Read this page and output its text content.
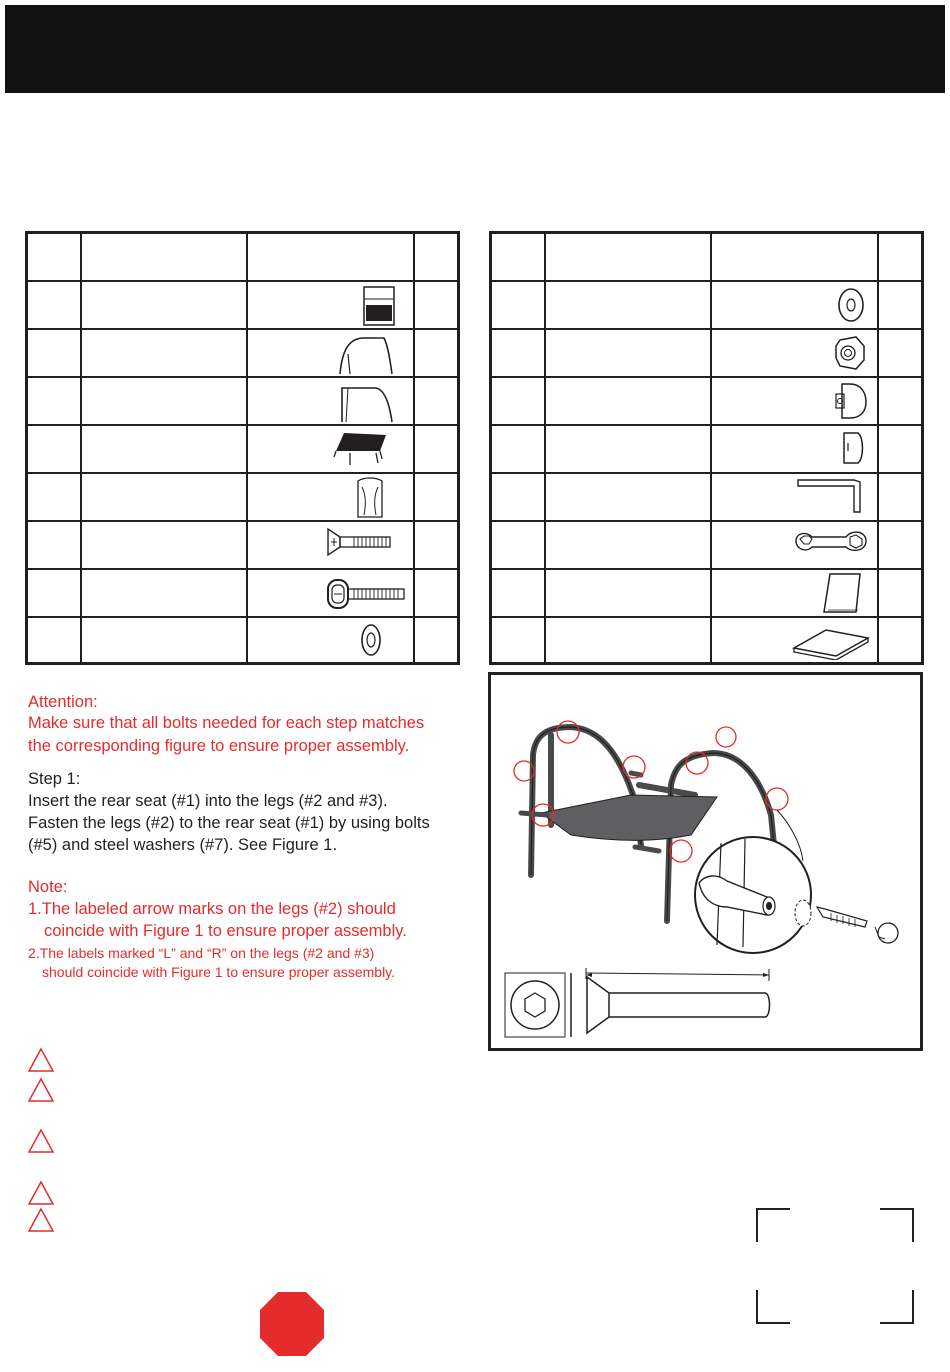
Attention:
Make sure that all bolts needed for each step matches
the corresponding figure to ensure proper assembly.
Step 1:
Insert the rear seat (#1) into the legs (#2 and #3).
Fasten the legs (#2) to the rear seat (#1) by using bolts
(#5) and steel washers (#7). See Figure 1.
Note:
1.The labeled arrow marks on the legs (#2) should
coincide with Figure 1 to ensure proper assembly.
2.The labels marked “L” and “R” on the legs (#2 and #3)
should coincide with Figure 1 to ensure proper assembly.
